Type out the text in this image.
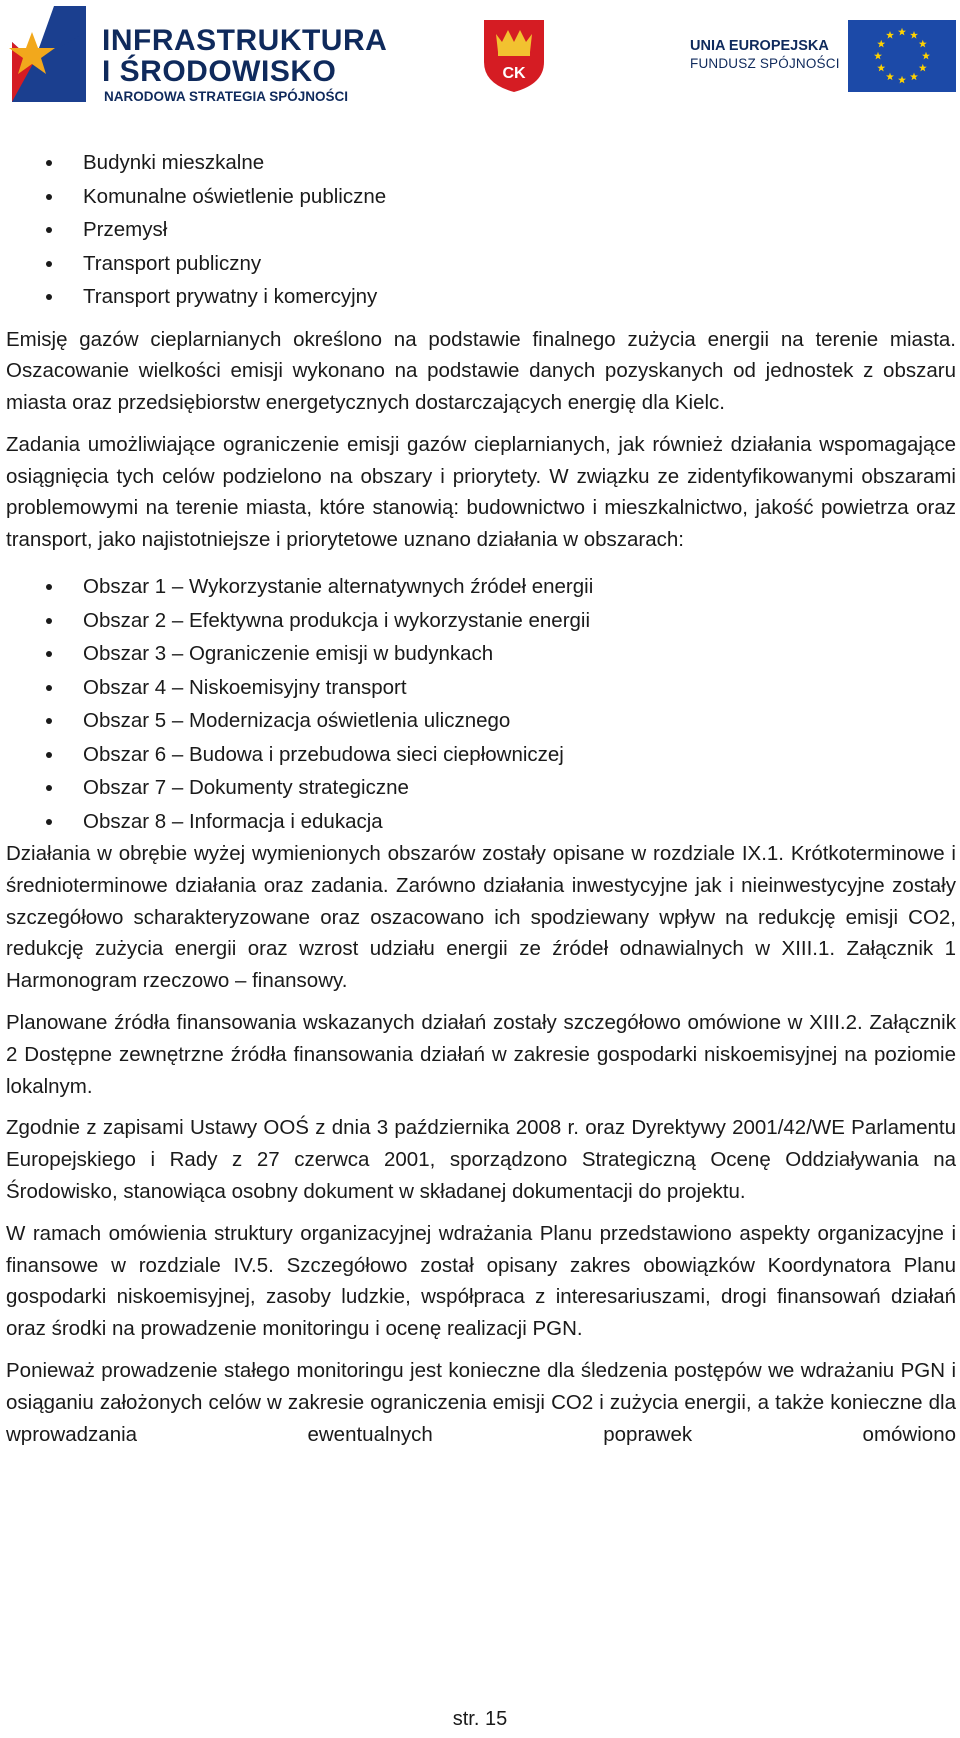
INFRASTRUKTURA
I ŚRODOWISKO
NARODOWA STRATEGIA SPÓJNOŚCI
CK
UNIA EUROPEJSKA
FUNDUSZ SPÓJNOŚCI
Budynki mieszkalne
Komunalne oświetlenie publiczne
Przemysł
Transport publiczny
Transport prywatny i komercyjny

Emisję gazów cieplarnianych określono na podstawie finalnego zużycia energii na terenie miasta. Oszacowanie wielkości emisji wykonano na podstawie danych pozyskanych od jednostek z obszaru miasta oraz przedsiębiorstw energetycznych dostarczających energię dla Kielc.

Zadania umożliwiające ograniczenie emisji gazów cieplarnianych, jak również działania wspomagające osiągnięcia tych celów podzielono na obszary i priorytety. W związku ze zidentyfikowanymi obszarami problemowymi na terenie miasta, które stanowią: budownictwo i mieszkalnictwo, jakość powietrza oraz transport, jako najistotniejsze i priorytetowe uznano działania w obszarach:

Obszar 1 – Wykorzystanie alternatywnych źródeł energii
Obszar 2 – Efektywna produkcja i wykorzystanie energii
Obszar 3 – Ograniczenie emisji w budynkach
Obszar 4 – Niskoemisyjny transport
Obszar 5 – Modernizacja oświetlenia ulicznego
Obszar 6 – Budowa i przebudowa sieci ciepłowniczej
Obszar 7 – Dokumenty strategiczne
Obszar 8 – Informacja i edukacja

Działania w obrębie wyżej wymienionych obszarów zostały opisane w rozdziale IX.1. Krótkoterminowe i średnioterminowe działania oraz zadania. Zarówno działania inwestycyjne jak i nieinwestycyjne zostały szczegółowo scharakteryzowane oraz oszacowano ich spodziewany wpływ na redukcję emisji CO2, redukcję zużycia energii oraz wzrost udziału energii ze źródeł odnawialnych w XIII.1. Załącznik 1 Harmonogram rzeczowo – finansowy.

Planowane źródła finansowania wskazanych działań zostały szczegółowo omówione w XIII.2. Załącznik 2 Dostępne zewnętrzne źródła finansowania działań w zakresie gospodarki niskoemisyjnej na poziomie lokalnym.

Zgodnie z zapisami Ustawy OOŚ z dnia 3 października 2008 r. oraz Dyrektywy 2001/42/WE Parlamentu Europejskiego i Rady z 27 czerwca 2001, sporządzono Strategiczną Ocenę Oddziaływania na Środowisko, stanowiąca osobny dokument w składanej dokumentacji do projektu.

W ramach omówienia struktury organizacyjnej wdrażania Planu przedstawiono aspekty organizacyjne i finansowe w rozdziale IV.5. Szczegółowo został opisany zakres obowiązków Koordynatora Planu gospodarki niskoemisyjnej, zasoby ludzkie, współpraca z interesariuszami, drogi finansowań działań oraz środki na prowadzenie monitoringu i ocenę realizacji PGN.

Ponieważ prowadzenie stałego monitoringu jest konieczne dla śledzenia postępów we wdrażaniu PGN i osiąganiu założonych celów w zakresie ograniczenia emisji CO2 i zużycia energii, a także konieczne dla wprowadzania ewentualnych poprawek omówiono

str. 15
